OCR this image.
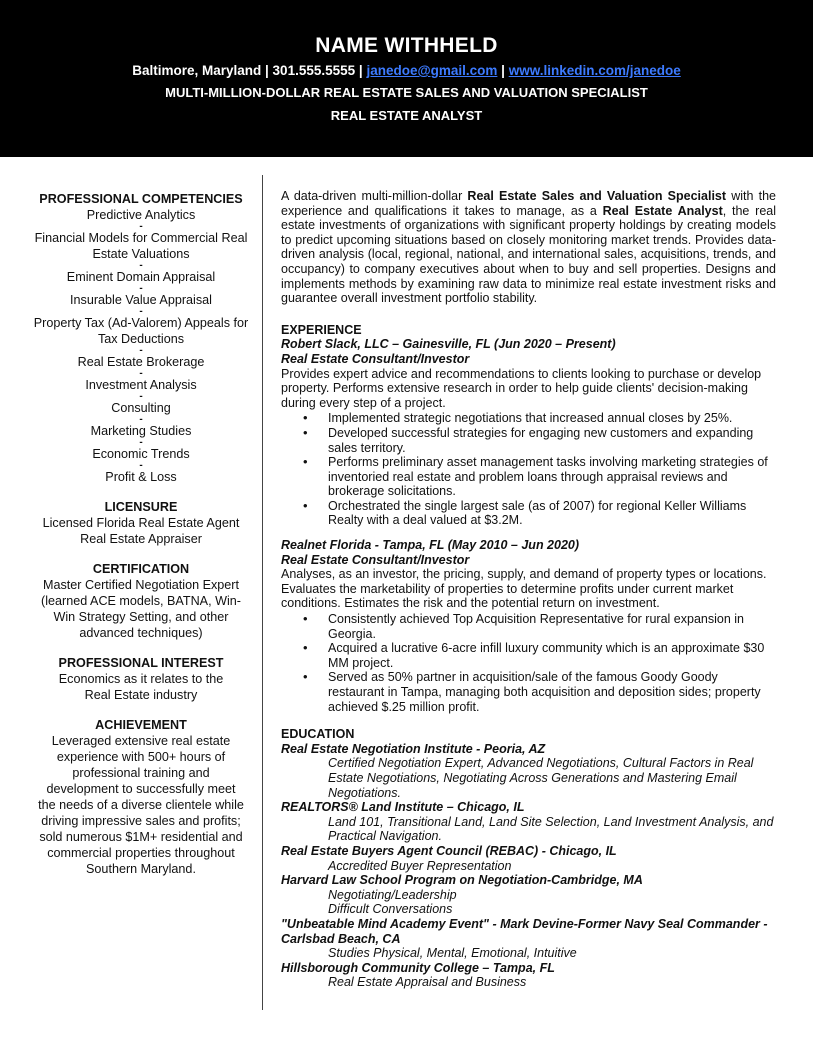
NAME WITHHELD
Baltimore, Maryland | 301.555.5555 | janedoe@gmail.com | www.linkedin.com/janedoe
MULTI-MILLION-DOLLAR REAL ESTATE SALES AND VALUATION SPECIALIST
REAL ESTATE ANALYST
PROFESSIONAL COMPETENCIES
Predictive Analytics
-
Financial Models for Commercial Real Estate Valuations
-
Eminent Domain Appraisal
-
Insurable Value Appraisal
-
Property Tax (Ad-Valorem) Appeals for Tax Deductions
-
Real Estate Brokerage
-
Investment Analysis
-
Consulting
-
Marketing Studies
-
Economic Trends
-
Profit & Loss
LICENSURE
Licensed Florida Real Estate Agent
Real Estate Appraiser
CERTIFICATION
Master Certified Negotiation Expert (learned ACE models, BATNA, Win-Win Strategy Setting, and other advanced techniques)
PROFESSIONAL INTEREST
Economics as it relates to the Real Estate industry
ACHIEVEMENT
Leveraged extensive real estate experience with 500+ hours of professional training and development to successfully meet the needs of a diverse clientele while driving impressive sales and profits; sold numerous $1M+ residential and commercial properties throughout Southern Maryland.
A data-driven multi-million-dollar Real Estate Sales and Valuation Specialist with the experience and qualifications it takes to manage, as a Real Estate Analyst, the real estate investments of organizations with significant property holdings by creating models to predict upcoming situations based on closely monitoring market trends. Provides data-driven analysis (local, regional, national, and international sales, acquisitions, trends, and occupancy) to company executives about when to buy and sell properties. Designs and implements methods by examining raw data to minimize real estate investment risks and guarantee overall investment portfolio stability.
EXPERIENCE
Robert Slack, LLC – Gainesville, FL (Jun 2020 – Present)
Real Estate Consultant/Investor
Provides expert advice and recommendations to clients looking to purchase or develop property. Performs extensive research in order to help guide clients' decision-making during every step of a project.
• Implemented strategic negotiations that increased annual closes by 25%.
• Developed successful strategies for engaging new customers and expanding sales territory.
• Performs preliminary asset management tasks involving marketing strategies of inventoried real estate and problem loans through appraisal reviews and brokerage solicitations.
• Orchestrated the single largest sale (as of 2007) for regional Keller Williams Realty with a deal valued at $3.2M.
Realnet Florida - Tampa, FL (May 2010 – Jun 2020)
Real Estate Consultant/Investor
Analyses, as an investor, the pricing, supply, and demand of property types or locations. Evaluates the marketability of properties to determine profits under current market conditions. Estimates the risk and the potential return on investment.
• Consistently achieved Top Acquisition Representative for rural expansion in Georgia.
• Acquired a lucrative 6-acre infill luxury community which is an approximate $30 MM project.
• Served as 50% partner in acquisition/sale of the famous Goody Goody restaurant in Tampa, managing both acquisition and deposition sides; property achieved $.25 million profit.
EDUCATION
Real Estate Negotiation Institute - Peoria, AZ
Certified Negotiation Expert, Advanced Negotiations, Cultural Factors in Real Estate Negotiations, Negotiating Across Generations and Mastering Email Negotiations.
REALTORS® Land Institute – Chicago, IL
Land 101, Transitional Land, Land Site Selection, Land Investment Analysis, and Practical Navigation.
Real Estate Buyers Agent Council (REBAC) - Chicago, IL
Accredited Buyer Representation
Harvard Law School Program on Negotiation-Cambridge, MA
Negotiating/Leadership
Difficult Conversations
"Unbeatable Mind Academy Event" - Mark Devine-Former Navy Seal Commander - Carlsbad Beach, CA
Studies Physical, Mental, Emotional, Intuitive
Hillsborough Community College – Tampa, FL
Real Estate Appraisal and Business
